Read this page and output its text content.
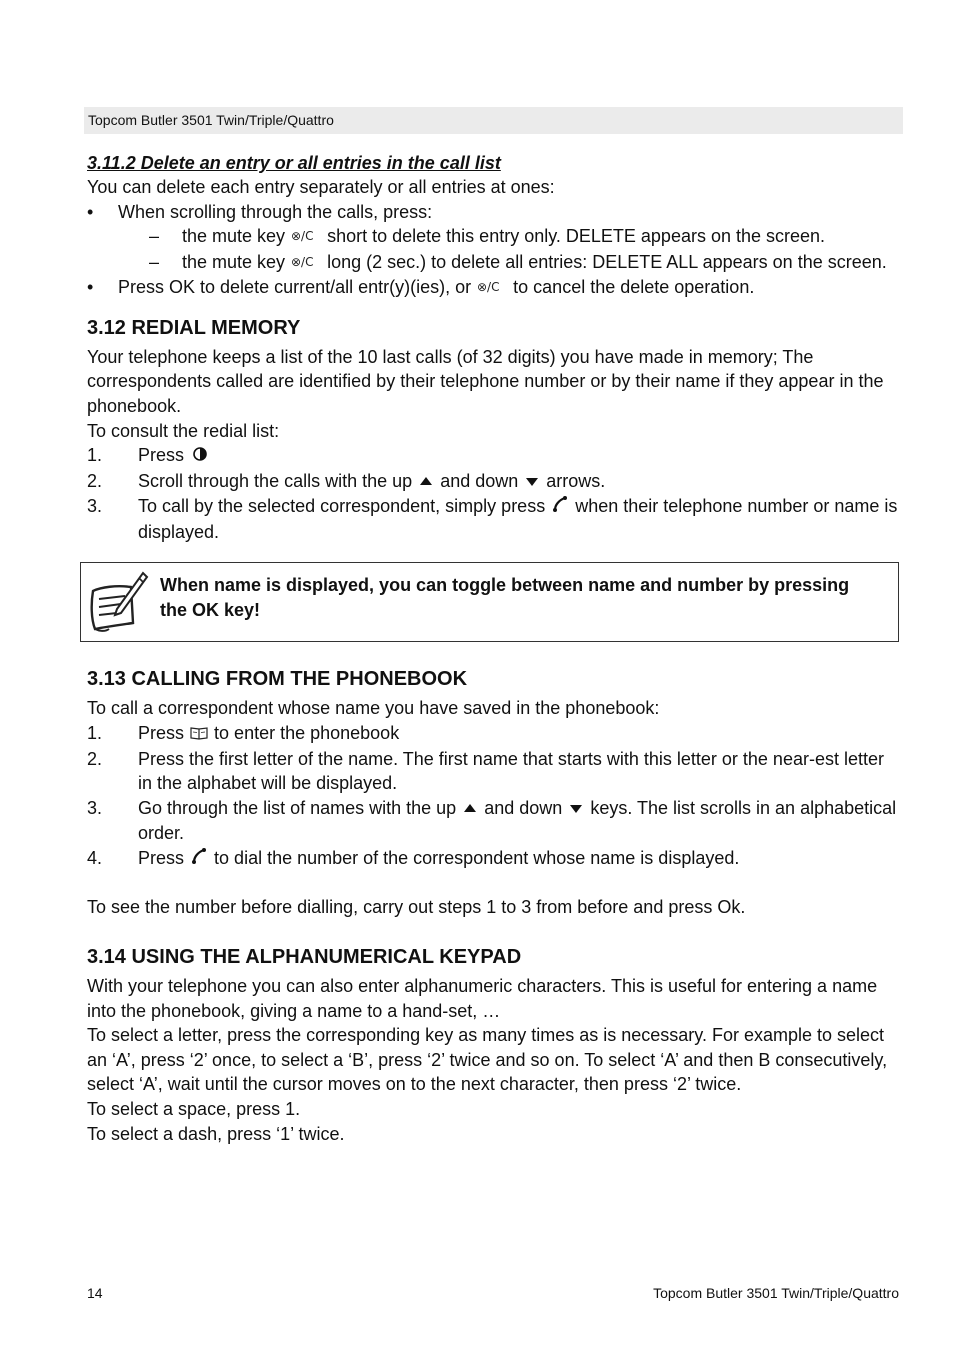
Topcom Butler 3501 Twin/Triple/Quattro
3.11.2 Delete an entry or all entries in the call list

You can delete each entry separately or all entries at ones:

• When scrolling through the calls, press:
– the mute key ⊗/C short to delete this entry only. DELETE appears on the screen.
– the mute key ⊗/C long (2 sec.) to delete all entries: DELETE ALL appears on the screen.
• Press OK to delete current/all entr(y)(ies), or ⊗/C to cancel the delete operation.
3.12 REDIAL MEMORY

Your telephone keeps a list of the 10 last calls (of 32 digits) you have made in memory; The correspondents called are identified by their telephone number or by their name if they appear in the phonebook.

To consult the redial list:

1. Press
2. Scroll through the calls with the up and down arrows.
3. To call by the selected correspondent, simply press when their telephone number or name is displayed.
When name is displayed, you can toggle between name and number by pressing the OK key!
3.13 CALLING FROM THE PHONEBOOK

To call a correspondent whose name you have saved in the phonebook:

1. Press to enter the phonebook
2. Press the first letter of the name. The first name that starts with this letter or the near-est letter in the alphabet will be displayed.
3. Go through the list of names with the up and down keys. The list scrolls in an alphabetical order.
4. Press to dial the number of the correspondent whose name is displayed.

To see the number before dialling, carry out steps 1 to 3 from before and press Ok.

3.14 USING THE ALPHANUMERICAL KEYPAD

With your telephone you can also enter alphanumeric characters. This is useful for entering a name into the phonebook, giving a name to a hand-set, …

To select a letter, press the corresponding key as many times as is necessary. For example to select an ‘A’, press ‘2’ once, to select a ‘B’, press ‘2’ twice and so on. To select ‘A’ and then B consecutively, select ‘A’, wait until the cursor moves on to the next character, then press ‘2’ twice.

To select a space, press 1.

To select a dash, press ‘1’ twice.

14	Topcom Butler 3501 Twin/Triple/Quattro
